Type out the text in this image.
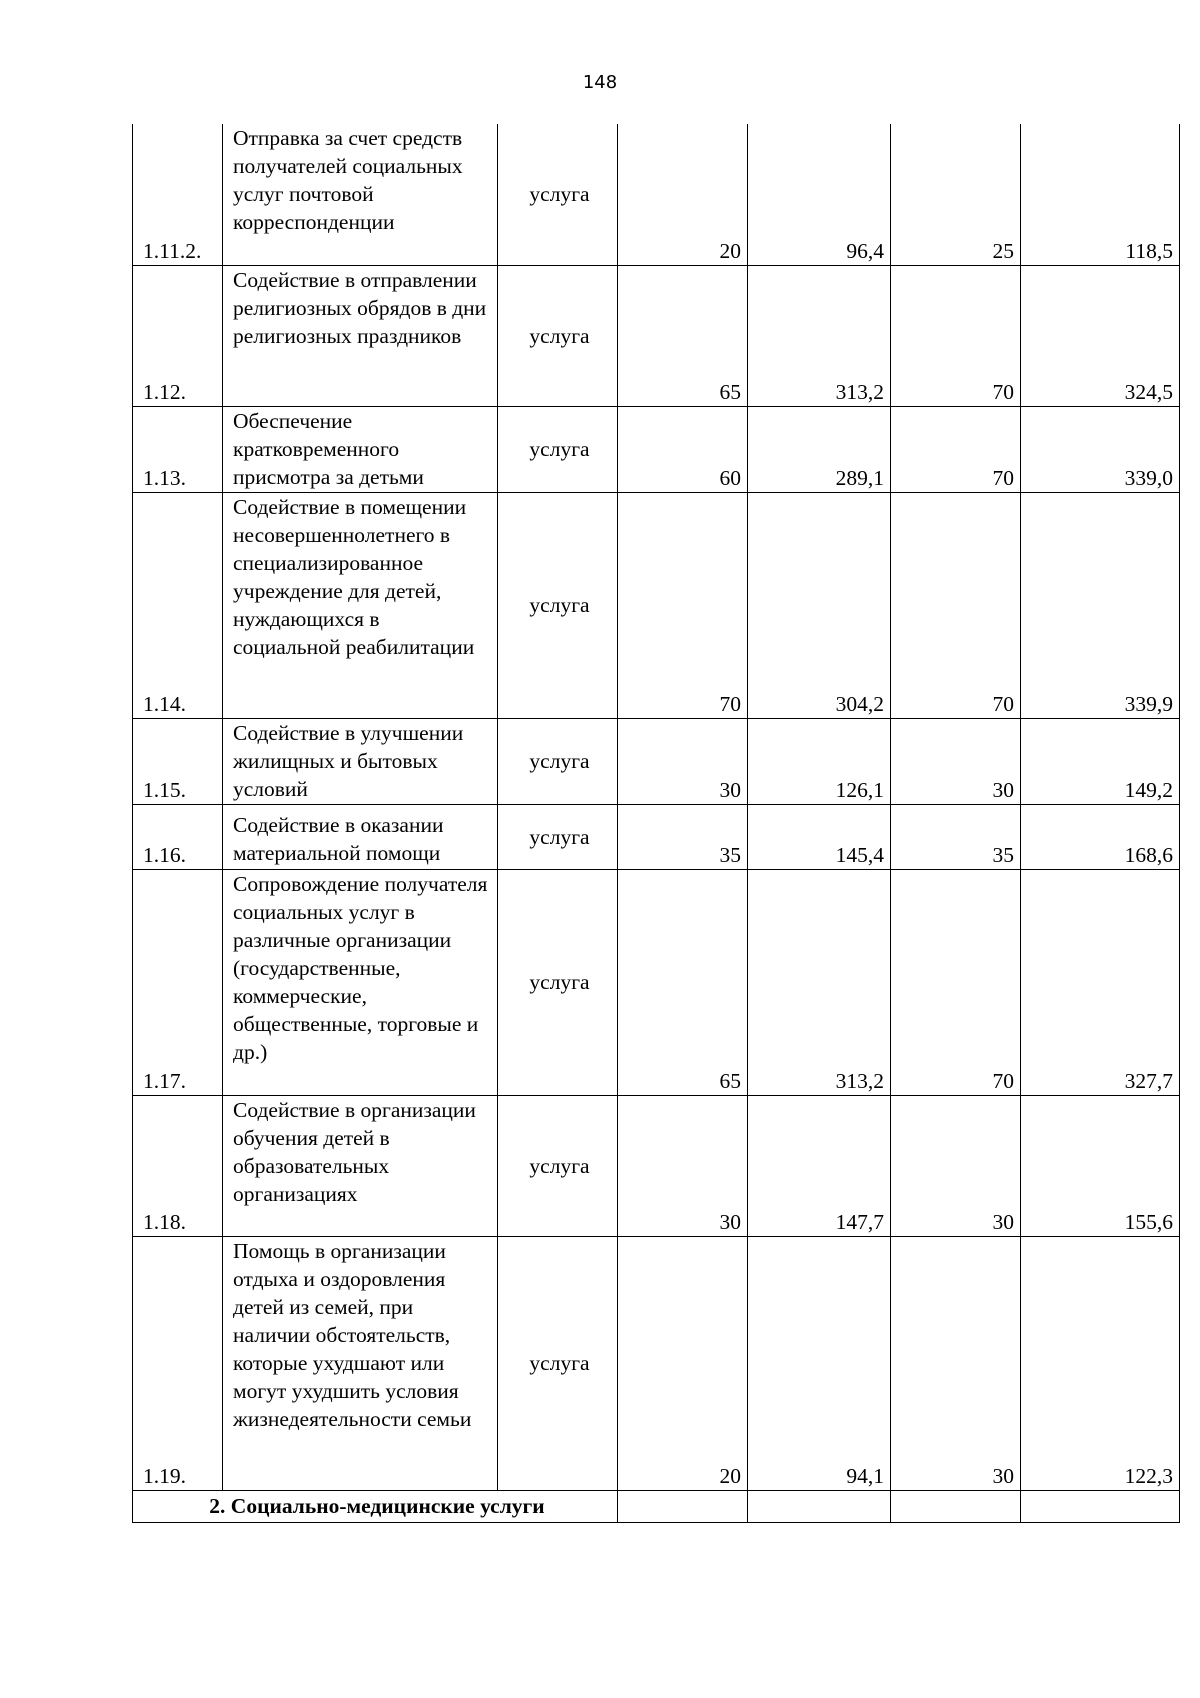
148
1.11.2.	Отправка за счет средств получателей социальных услуг почтовой корреспонденции	услуга	20	96,4	25	118,5
1.12.	Содействие в отправлении религиозных обрядов в дни религиозных праздников	услуга	65	313,2	70	324,5
1.13.	Обеспечение кратковременного присмотра за детьми	услуга	60	289,1	70	339,0
1.14.	Содействие в помещении несовершеннолетнего в специализированное учреждение для детей, нуждающихся в социальной реабилитации	услуга	70	304,2	70	339,9
1.15.	Содействие в улучшении жилищных и бытовых условий	услуга	30	126,1	30	149,2
1.16.	Содействие в оказании материальной помощи	услуга	35	145,4	35	168,6
1.17.	Сопровождение получателя социальных услуг в различные организации (государственные, коммерческие, общественные, торговые и др.)	услуга	65	313,2	70	327,7
1.18.	Содействие в организации обучения детей в образовательных организациях	услуга	30	147,7	30	155,6
1.19.	Помощь в организации отдыха и оздоровления детей из семей, при наличии обстоятельств, которые ухудшают или могут ухудшить условия жизнедеятельности семьи	услуга	20	94,1	30	122,3
2. Социально-медицинские услуги						
